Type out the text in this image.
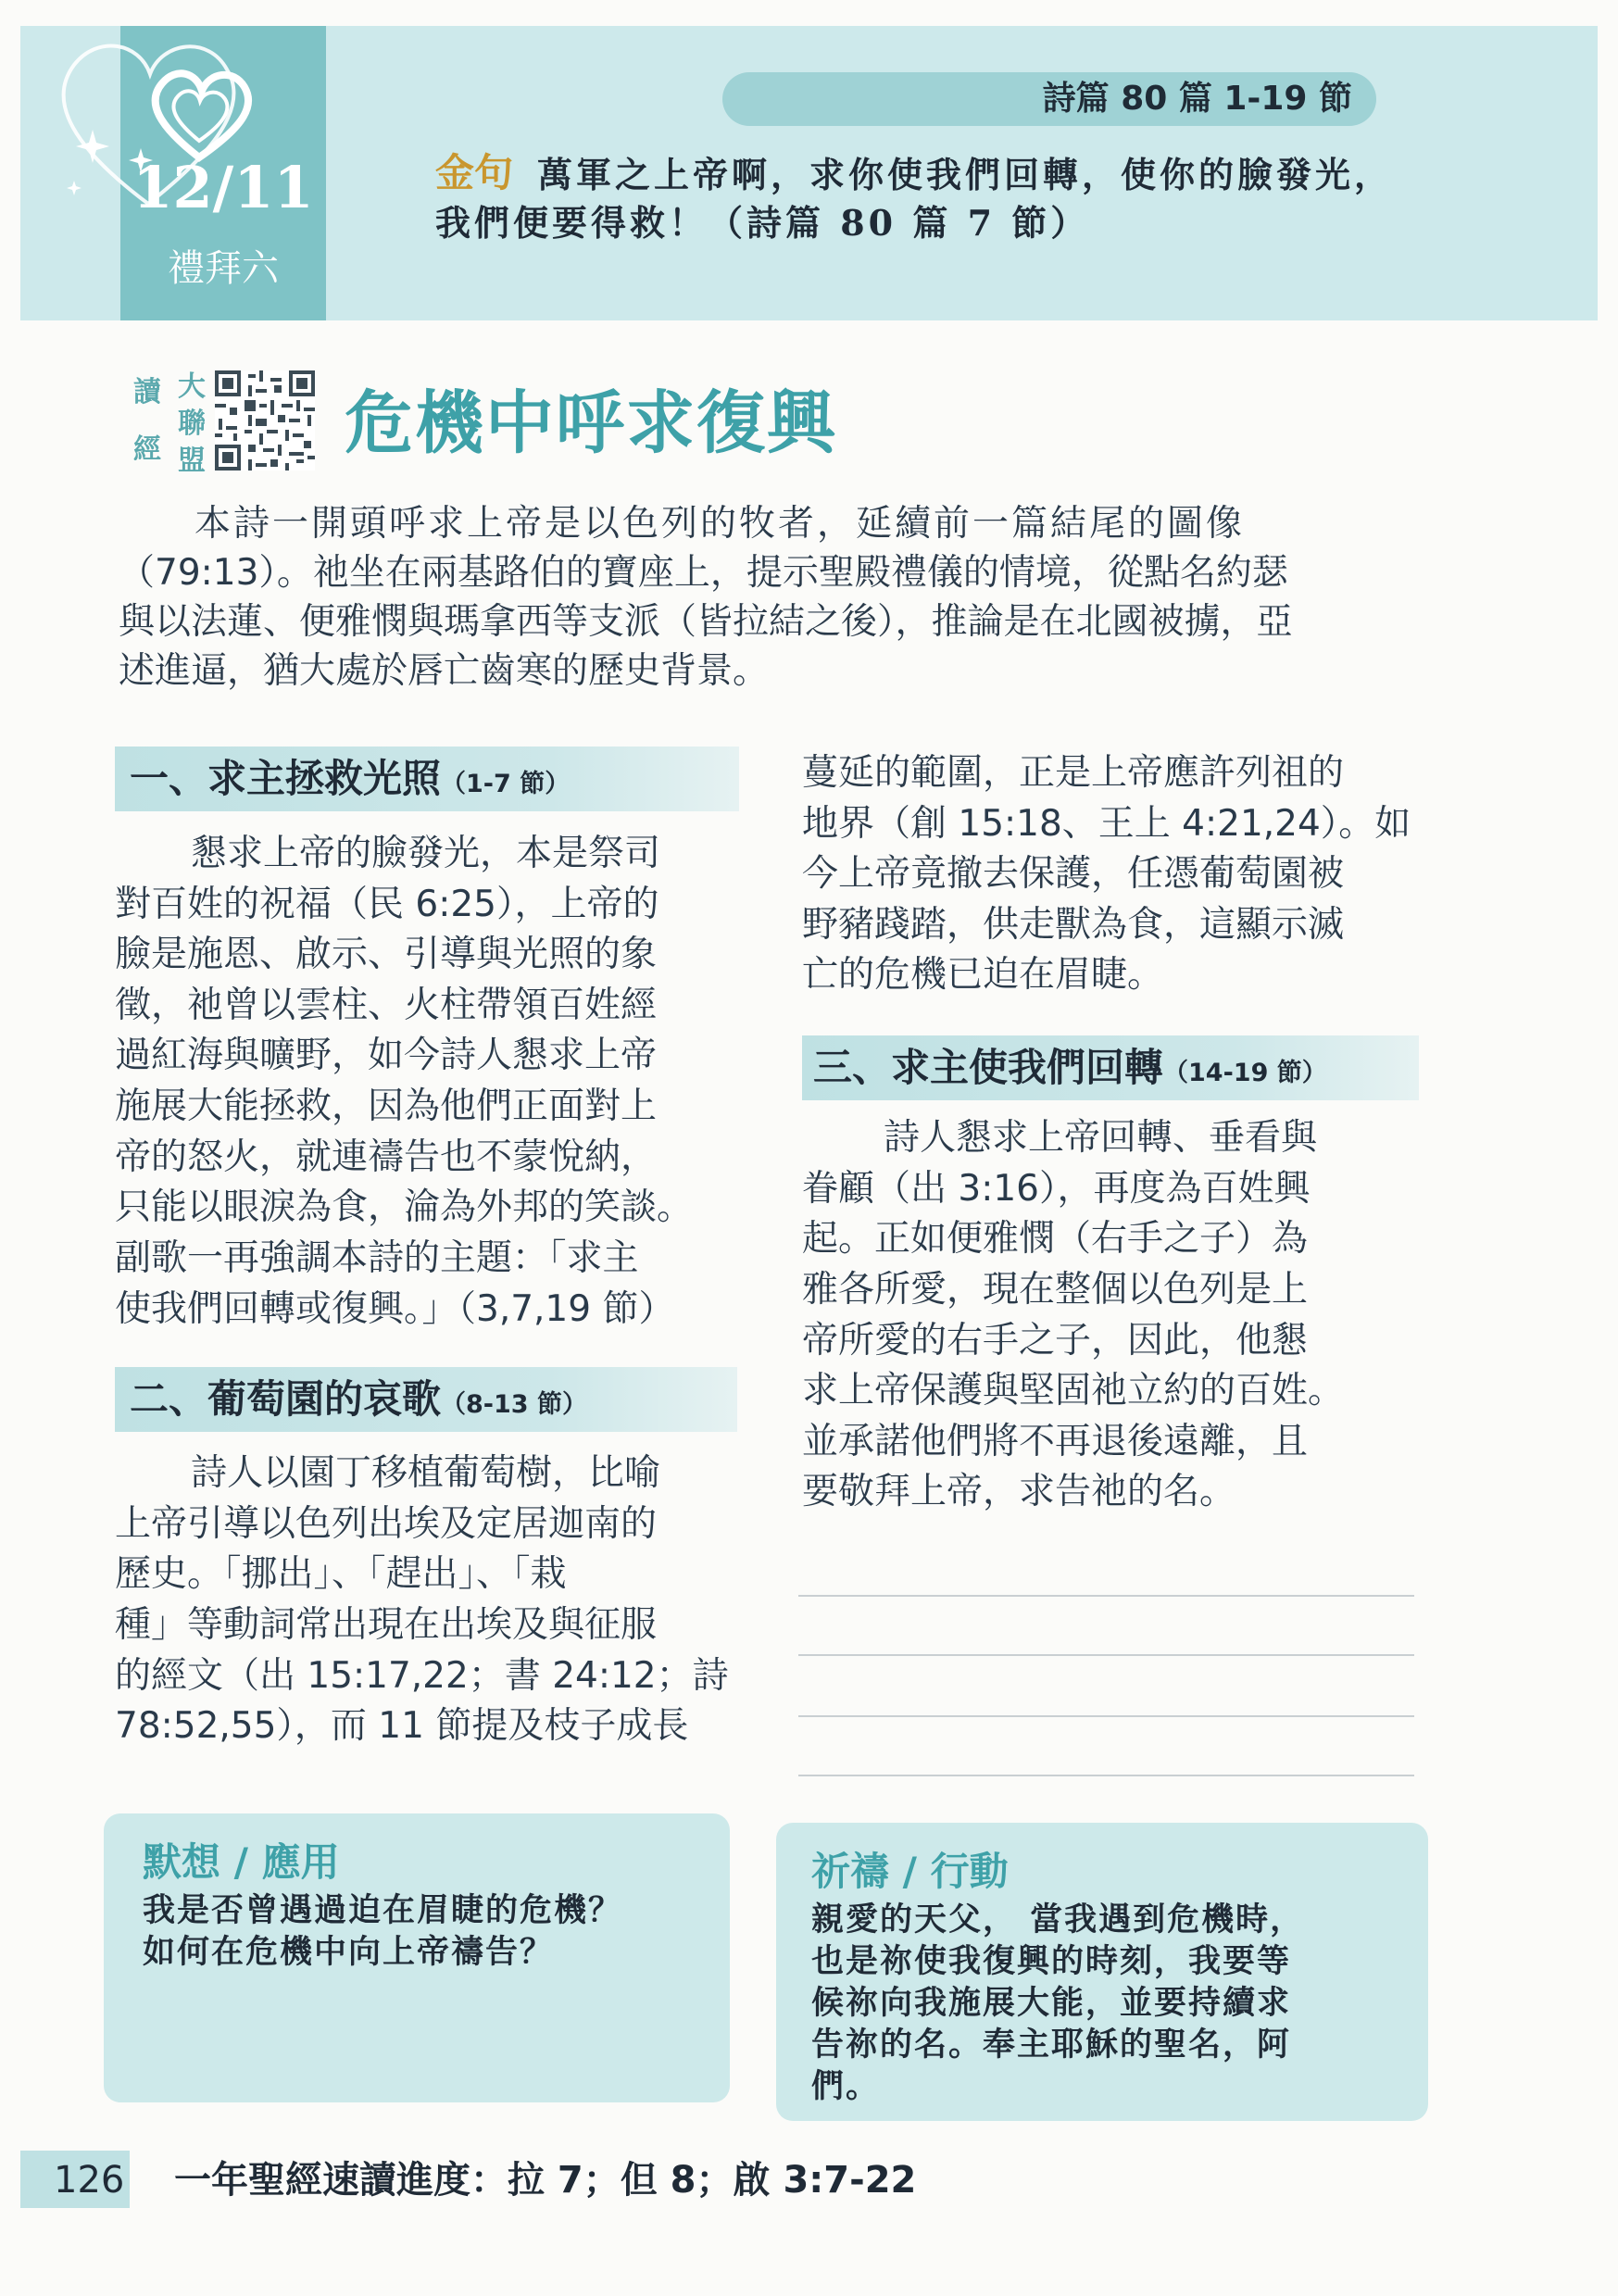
12/11
禮拜六
詩篇 80 篇 1-19 節
金句 萬軍之上帝啊，求你使我們回轉，使你的臉發光，
我們便要得救！（詩篇 80 篇 7 節）
讀
經
大
聯
盟 危機中呼求復興
本詩一開頭呼求上帝是以色列的牧者，延續前一篇結尾的圖像
（79:13）。祂坐在兩基路伯的寶座上，提示聖殿禮儀的情境，從點名約瑟
與以法蓮、便雅憫與瑪拿西等支派（皆拉結之後），推論是在北國被擄，亞
述進逼，猶大處於唇亡齒寒的歷史背景。
一、求主拯救光照（1-7 節）
懇求上帝的臉發光，本是祭司
對百姓的祝福（民 6:25），上帝的
臉是施恩、啟示、引導與光照的象
徵，祂曾以雲柱、火柱帶領百姓經
過紅海與曠野，如今詩人懇求上帝
施展大能拯救，因為他們正面對上
帝的怒火，就連禱告也不蒙悅納，
只能以眼淚為食，淪為外邦的笑談。
副歌一再強調本詩的主題：「求主
使我們回轉或復興。」（3,7,19 節）
二、葡萄園的哀歌（8-13 節）
詩人以園丁移植葡萄樹，比喻
上帝引導以色列出埃及定居迦南的
歷史。「挪出」、「趕出」、「栽
種」等動詞常出現在出埃及與征服
的經文（出 15:17,22；書 24:12；詩
78:52,55），而 11 節提及枝子成長
蔓延的範圍，正是上帝應許列祖的
地界（創 15:18、王上 4:21,24）。如
今上帝竟撤去保護，任憑葡萄園被
野豬踐踏，供走獸為食，這顯示滅
亡的危機已迫在眉睫。
三、求主使我們回轉（14-19 節）
詩人懇求上帝回轉、垂看與
眷顧（出 3:16），再度為百姓興
起。正如便雅憫（右手之子）為
雅各所愛，現在整個以色列是上
帝所愛的右手之子，因此，他懇
求上帝保護與堅固祂立約的百姓。
並承諾他們將不再退後遠離，且
要敬拜上帝，求告祂的名。
默想 / 應用
我是否曾遇過迫在眉睫的危機？
如何在危機中向上帝禱告？
祈禱 / 行動
親愛的天父， 當我遇到危機時，
也是祢使我復興的時刻，我要等
候祢向我施展大能，並要持續求
告祢的名。奉主耶穌的聖名，阿
們。
126 一年聖經速讀進度：拉 7；但 8；啟 3:7-22
